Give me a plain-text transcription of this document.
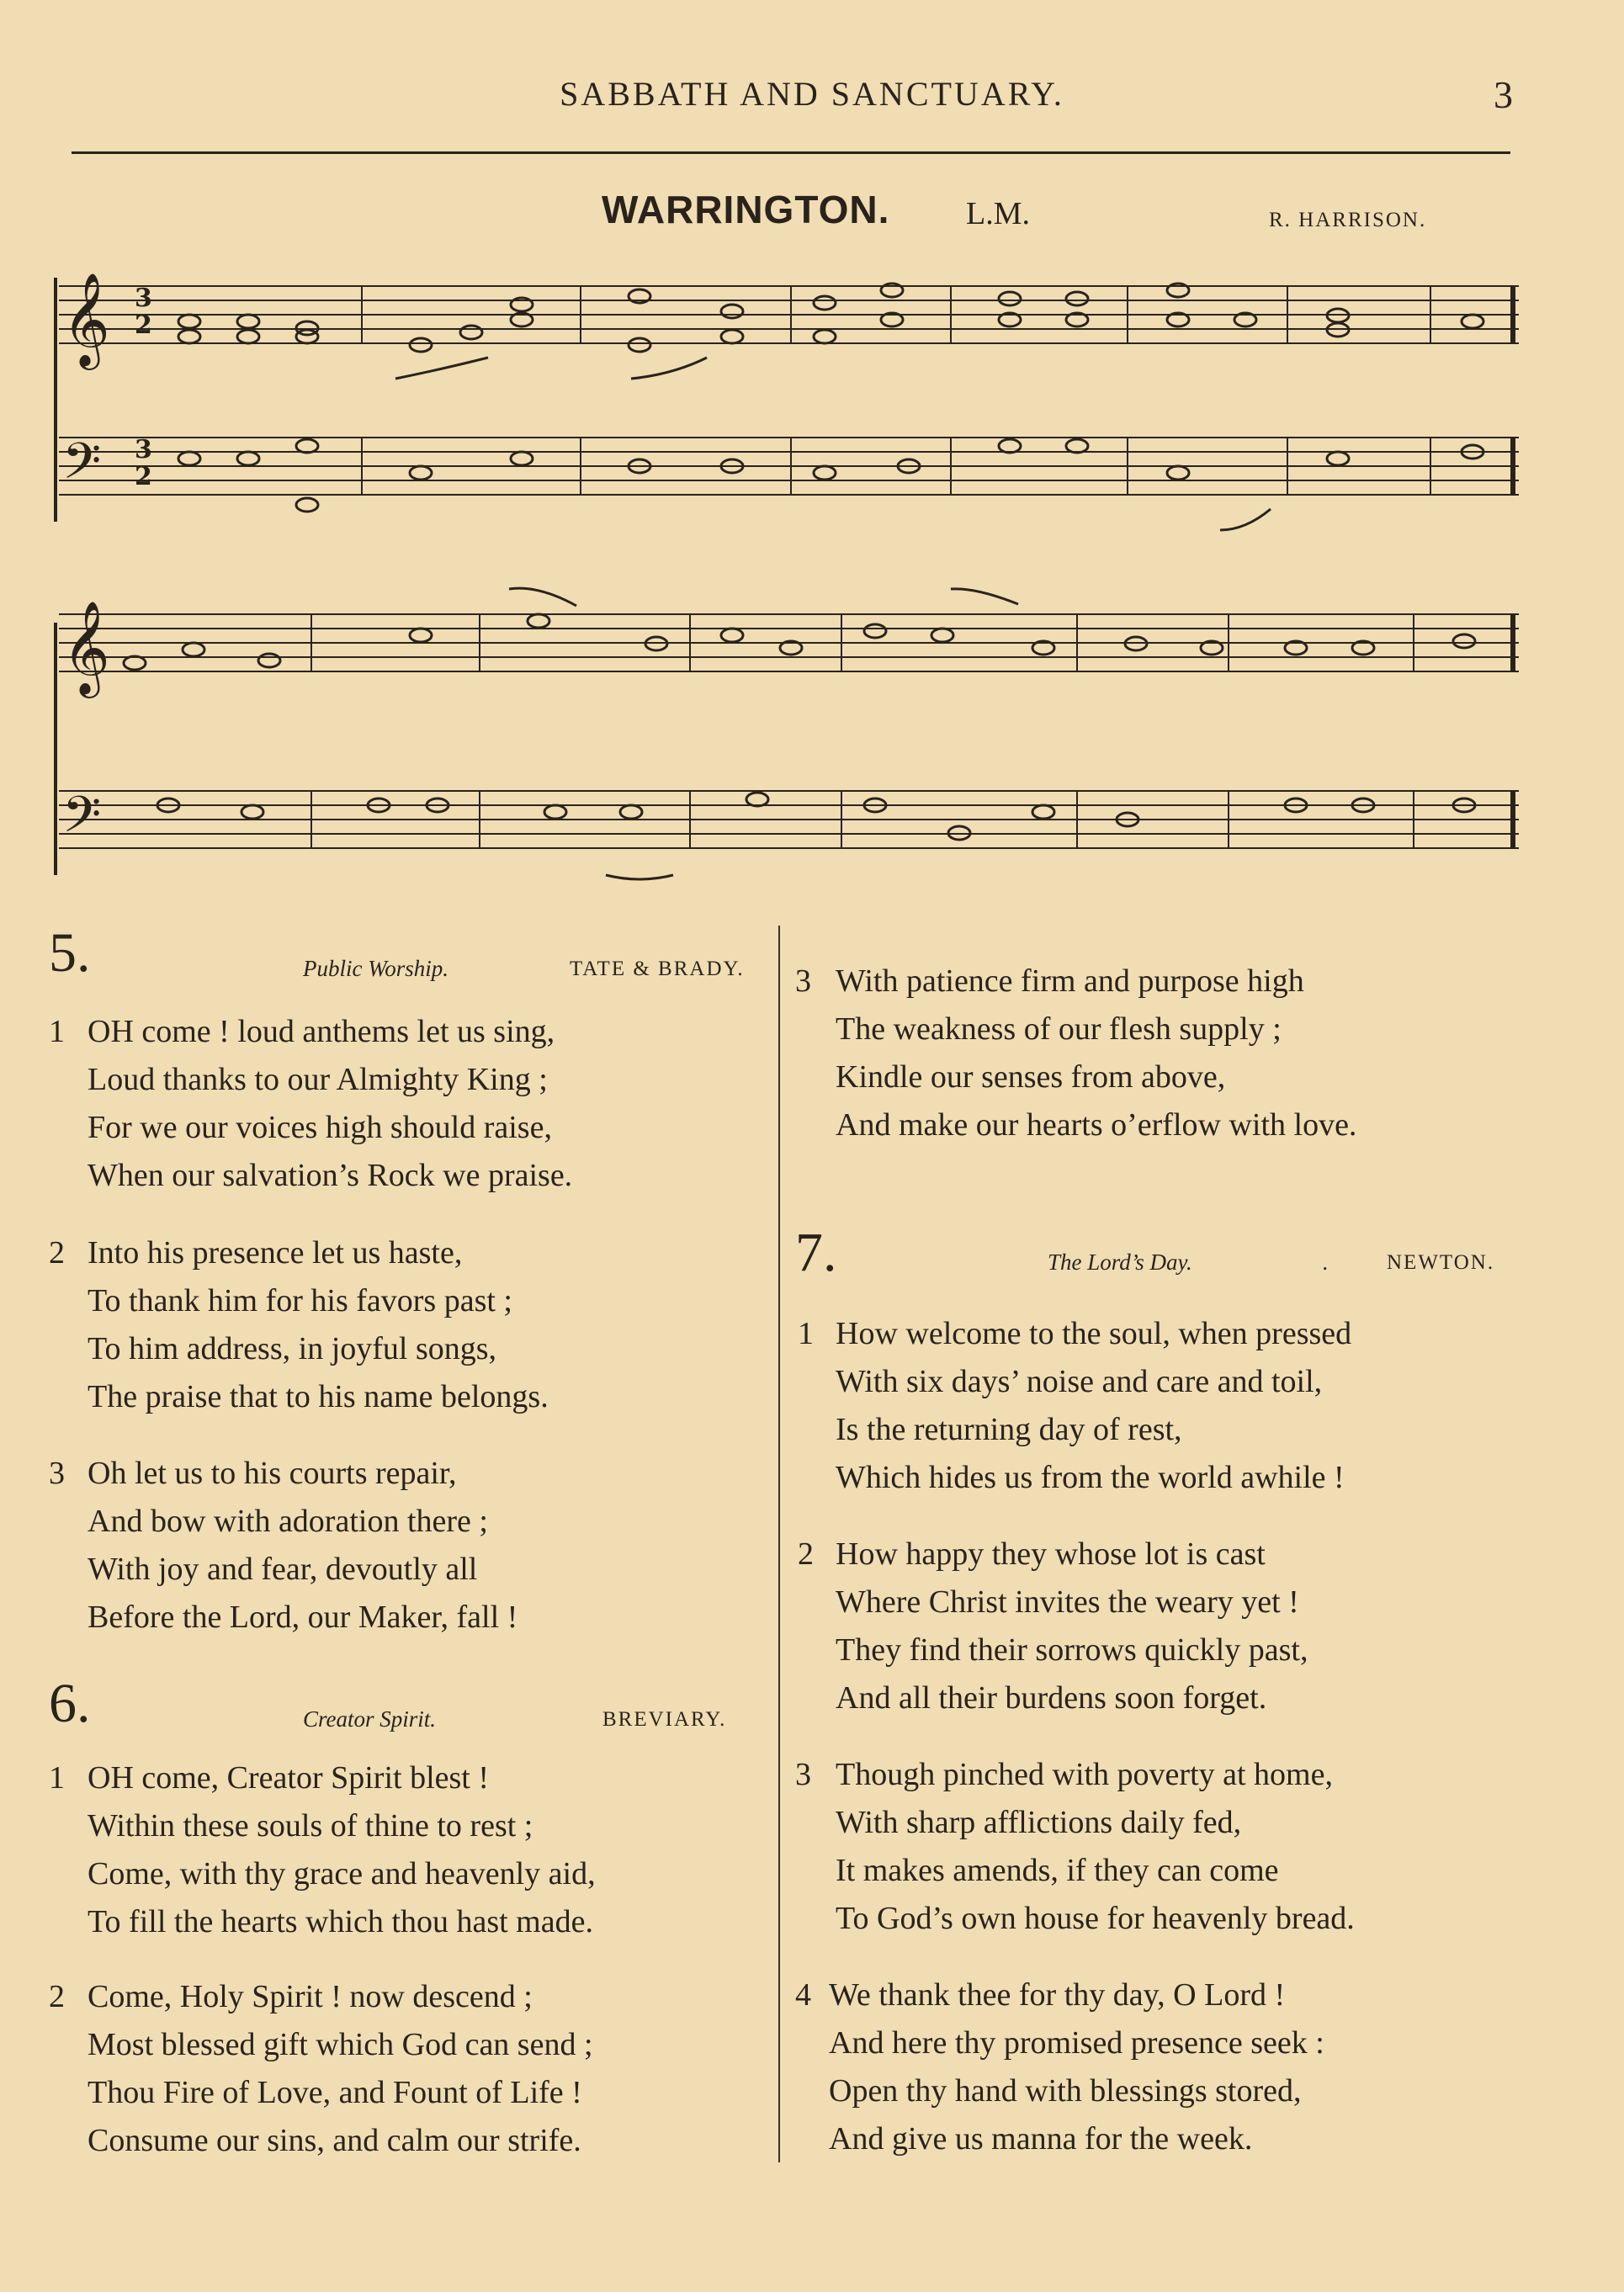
SABBATH AND SANCTUARY.	3
WARRINGTON. L.M.	R. HARRISON.
𝄞
𝄢
𝄞
𝄢
3
2
3
2
5.	Public Worship.	TATE & BRADY.
1 OH come ! loud anthems let us sing,
Loud thanks to our Almighty King ;
For we our voices high should raise,
When our salvation’s Rock we praise.
2 Into his presence let us haste,
To thank him for his favors past ;
To him address, in joyful songs,
The praise that to his name belongs.
3 Oh let us to his courts repair,
And bow with adoration there ;
With joy and fear, devoutly all
Before the Lord, our Maker, fall !
6.	Creator Spirit.	BREVIARY.
1 OH come, Creator Spirit blest !
Within these souls of thine to rest ;
Come, with thy grace and heavenly aid,
To fill the hearts which thou hast made.
2 Come, Holy Spirit ! now descend ;
Most blessed gift which God can send ;
Thou Fire of Love, and Fount of Life !
Consume our sins, and calm our strife.
3 With patience firm and purpose high
The weakness of our flesh supply ;
Kindle our senses from above,
And make our hearts o’erflow with love.
7.	The Lord’s Day.	.	NEWTON.
1 How welcome to the soul, when pressed
With six days’ noise and care and toil,
Is the returning day of rest,
Which hides us from the world awhile !
2 How happy they whose lot is cast
Where Christ invites the weary yet !
They find their sorrows quickly past,
And all their burdens soon forget.
3 Though pinched with poverty at home,
With sharp afflictions daily fed,
It makes amends, if they can come
To God’s own house for heavenly bread.
4 We thank thee for thy day, O Lord !
And here thy promised presence seek :
Open thy hand with blessings stored,
And give us manna for the week.
